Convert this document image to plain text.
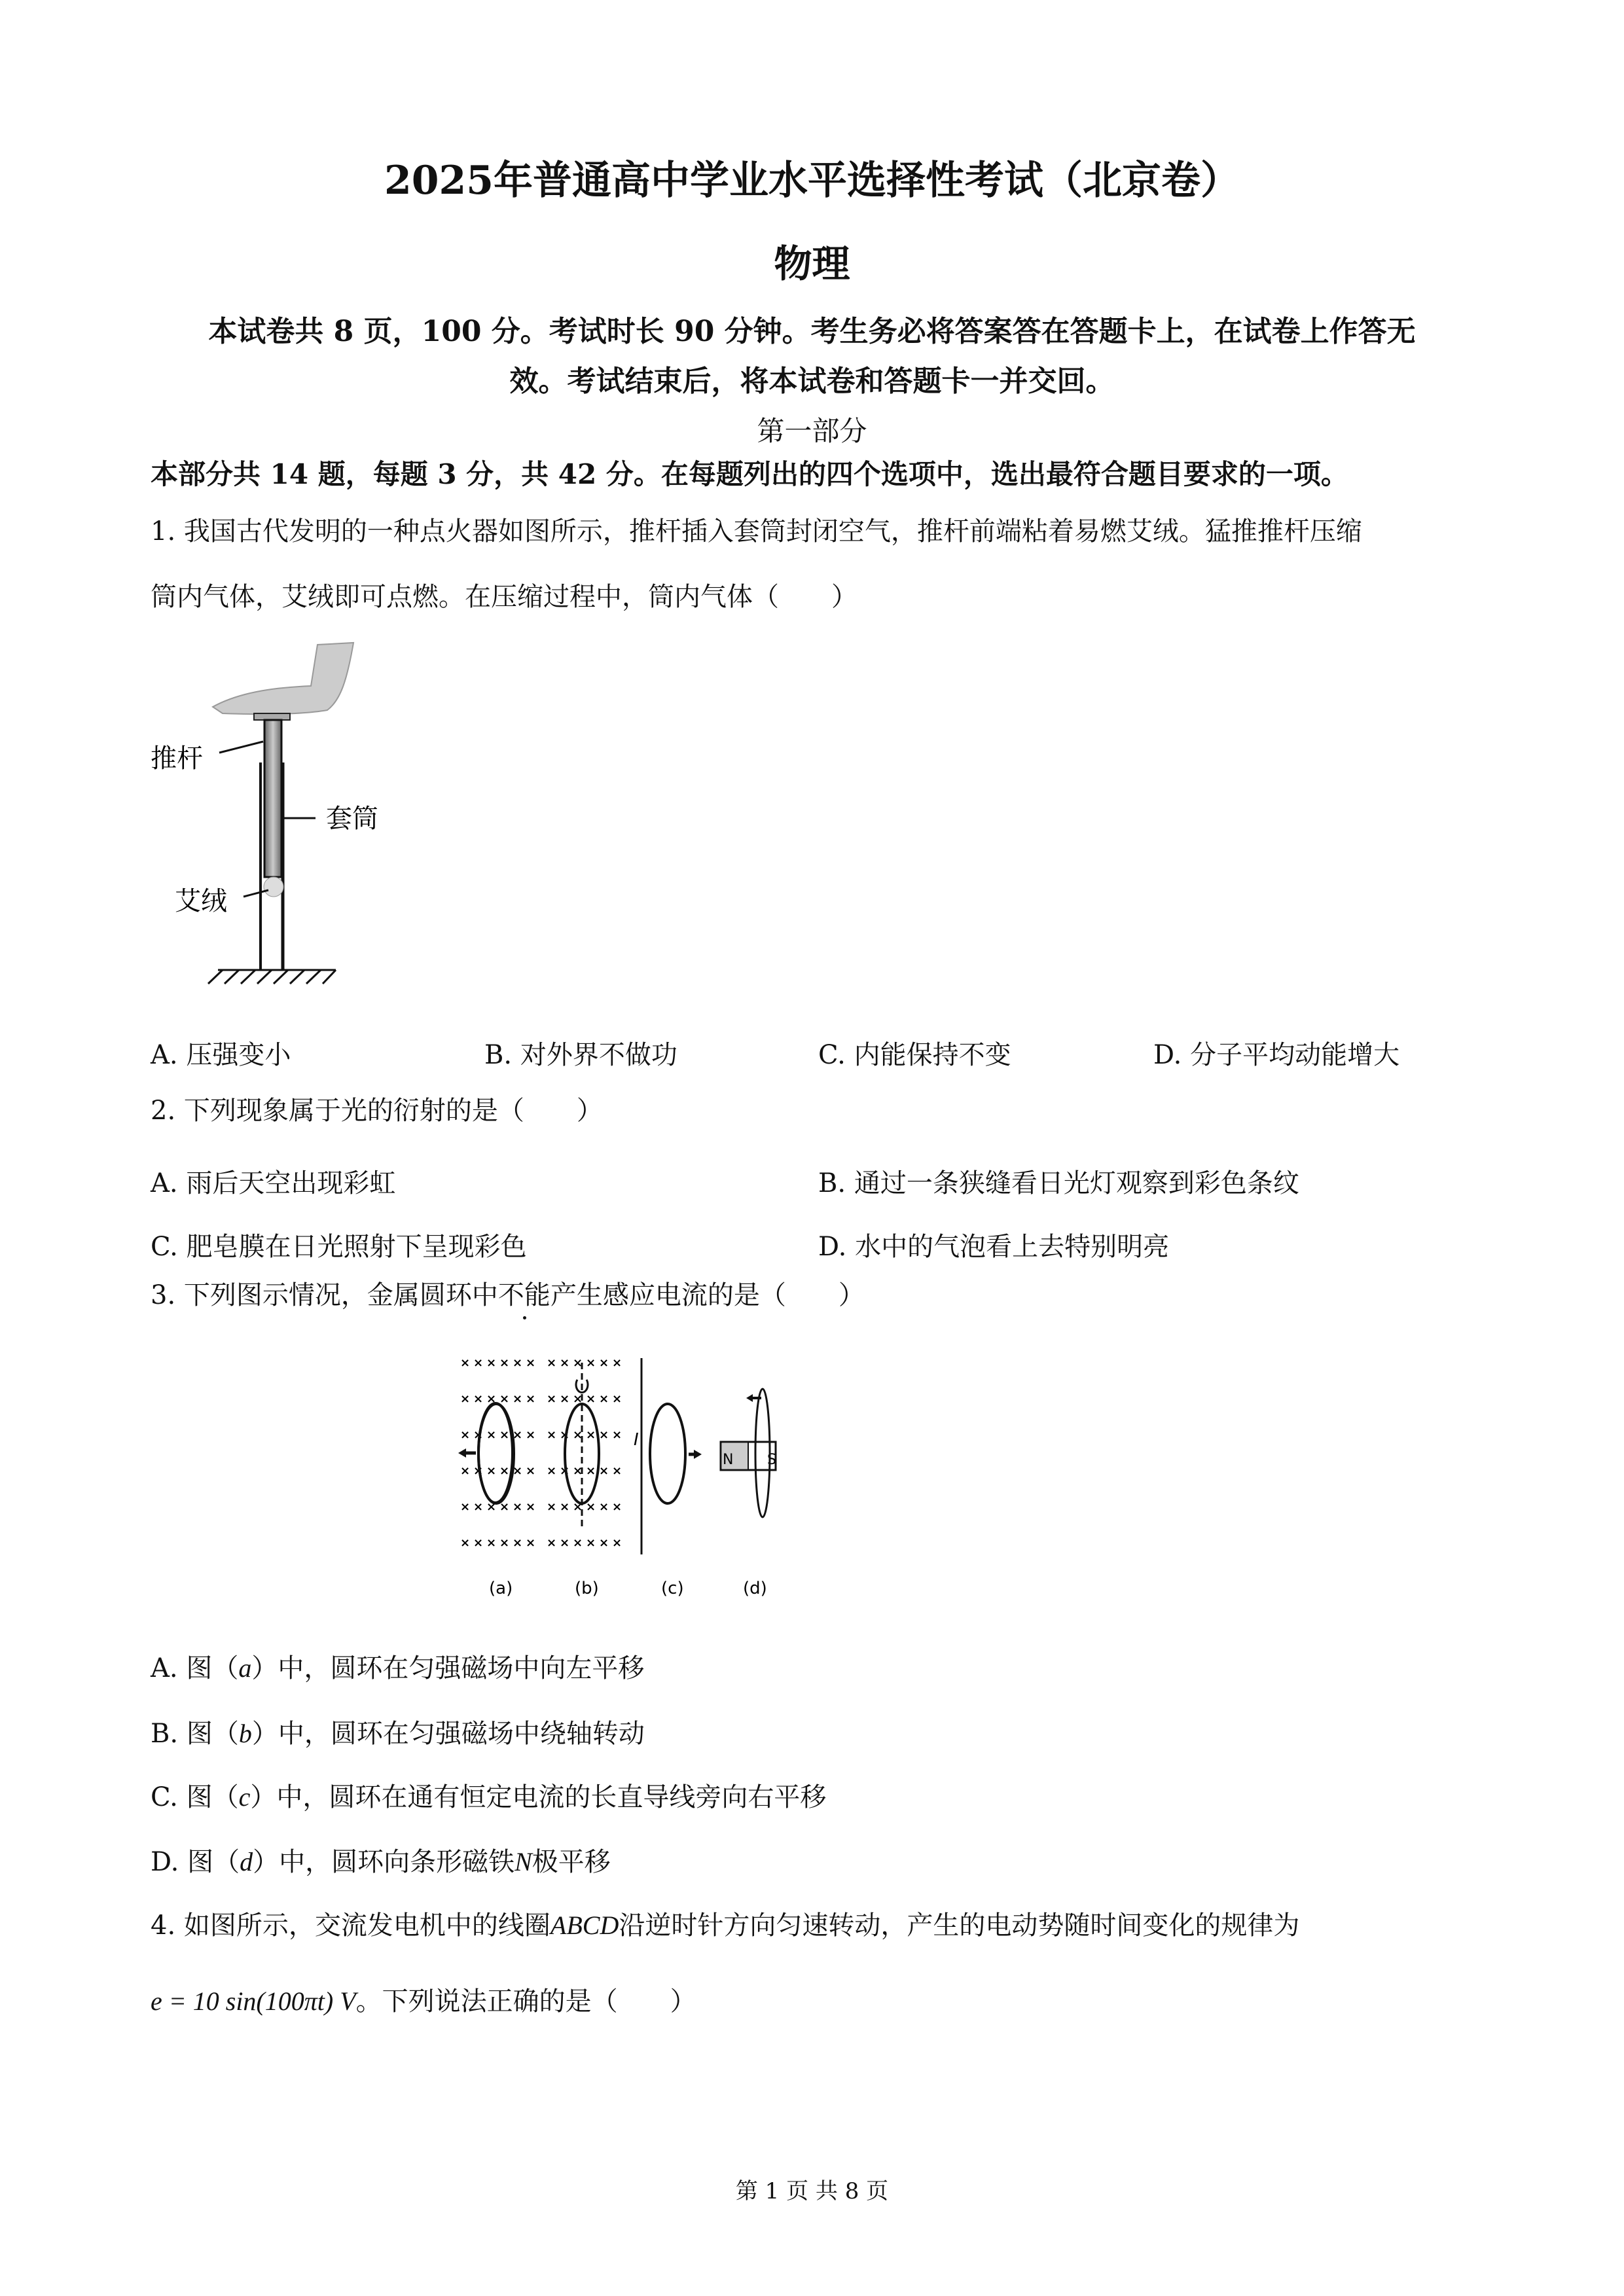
2025年普通高中学业水平选择性考试（北京卷）
物理
本试卷共 8 页，100 分。考试时长 90 分钟。考生务必将答案答在答题卡上，在试卷上作答无
效。考试结束后，将本试卷和答题卡一并交回。
第一部分
本部分共 14 题，每题 3 分，共 42 分。在每题列出的四个选项中，选出最符合题目要求的一项。
1. 我国古代发明的一种点火器如图所示，推杆插入套筒封闭空气，推杆前端粘着易燃艾绒。猛推推杆压缩
筒内气体，艾绒即可点燃。在压缩过程中，筒内气体（　　）
推杆
套筒
艾绒
A. 压强变小	B. 对外界不做功	C. 内能保持不变	D. 分子平均动能增大
2. 下列现象属于光的衍射的是（　　）
A. 雨后天空出现彩虹	B. 通过一条狭缝看日光灯观察到彩色条纹
C. 肥皂膜在日光照射下呈现彩色	D. 水中的气泡看上去特别明亮
3. 下列图示情况，金属圆环中不能产生感应电流的是（　　）
× × × × × ×
× × × × × ×
× × × × × ×
× × × × × ×
× × × × × ×
× × × × × ×
× × × × × ×
× × × × × ×
× × × × × ×
× × × × × ×
× × × × × ×
× × × × × ×
I
N S
(a)	(b)	(c)	(d)
A. 图（a）中，圆环在匀强磁场中向左平移
B. 图（b）中，圆环在匀强磁场中绕轴转动
C. 图（c）中，圆环在通有恒定电流的长直导线旁向右平移
D. 图（d）中，圆环向条形磁铁N极平移
4. 如图所示，交流发电机中的线圈ABCD沿逆时针方向匀速转动，产生的电动势随时间变化的规律为
e = 10 sin(100πt) V。下列说法正确的是（　　）
第 1 页 共 8 页
